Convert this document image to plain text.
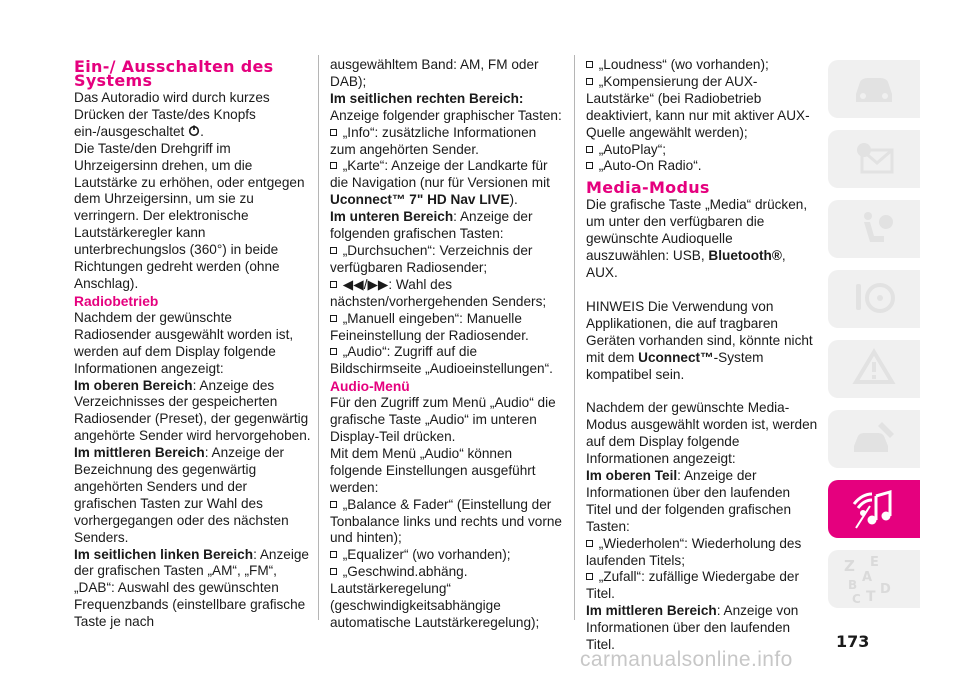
Ein-/ Ausschalten des
Systems

Das Autoradio wird durch kurzes Drücken der Taste/des Knopfs ein-/ausgeschaltet .

Die Taste/den Drehgriff im Uhrzeigersinn drehen, um die Lautstärke zu erhöhen, oder entgegen dem Uhrzeigersinn, um sie zu verringern. Der elektronische Lautstärkeregler kann unterbrechungslos (360°) in beide Richtungen gedreht werden (ohne Anschlag).

Radiobetrieb

Nachdem der gewünschte Radiosender ausgewählt worden ist, werden auf dem Display folgende Informationen angezeigt:

Im oberen Bereich: Anzeige des Verzeichnisses der gespeicherten Radiosender (Preset), der gegenwärtig angehörte Sender wird hervorgehoben.

Im mittleren Bereich: Anzeige der Bezeichnung des gegenwärtig angehörten Senders und der grafischen Tasten zur Wahl des vorhergegangen oder des nächsten Senders.

Im seitlichen linken Bereich: Anzeige der grafischen Tasten „AM“, „FM“, „DAB“: Auswahl des gewünschten Frequenzbands (einstellbare grafische Taste je nach

ausgewähltem Band: AM, FM oder DAB);

Im seitlichen rechten Bereich:

Anzeige folgender graphischer Tasten:

„Info“: zusätzliche Informationen zum angehörten Sender.
„Karte“: Anzeige der Landkarte für die Navigation (nur für Versionen mit

Uconnect™ 7" HD Nav LIVE).

Im unteren Bereich: Anzeige der folgenden grafischen Tasten:

„Durchsuchen“: Verzeichnis der verfügbaren Radiosender;
◀◀/▶▶: Wahl des nächsten/vorhergehenden Senders;
„Manuell eingeben“: Manuelle Feineinstellung der Radiosender.
„Audio“: Zugriff auf die Bildschirmseite „Audioeinstellungen“.
Audio-Menü

Für den Zugriff zum Menü „Audio“ die grafische Taste „Audio“ im unteren Display-Teil drücken.

Mit dem Menü „Audio“ können folgende Einstellungen ausgeführt werden:

„Balance & Fader“ (Einstellung der Tonbalance links und rechts und vorne und hinten);
„Equalizer“ (wo vorhanden);
„Geschwind.abhäng. Lautstärkeregelung“ (geschwindigkeitsabhängige automatische Lautstärkeregelung);
„Loudness“ (wo vorhanden);
„Kompensierung der AUX-Lautstärke“ (bei Radiobetrieb deaktiviert, kann nur mit aktiver AUX-Quelle angewählt werden);
„AutoPlay“;
„Auto-On Radio“.
Media-Modus

Die grafische Taste „Media“ drücken, um unter den verfügbaren die gewünschte Audioquelle auszuwählen: USB, Bluetooth®, AUX.

HINWEIS Die Verwendung von Applikationen, die auf tragbaren Geräten vorhanden sind, könnte nicht mit dem Uconnect™-System kompatibel sein.

Nachdem der gewünschte Media-Modus ausgewählt worden ist, werden auf dem Display folgende Informationen angezeigt:

Im oberen Teil: Anzeige der Informationen über den laufenden Titel und der folgenden grafischen Tasten:

„Wiederholen“: Wiederholung des laufenden Titels;
„Zufall“: zufällige Wiedergabe der Titel.

Im mittleren Bereich: Anzeige von Informationen über den laufenden Titel.

Z E
A
B
C T D
173
carmanualsonline.info
